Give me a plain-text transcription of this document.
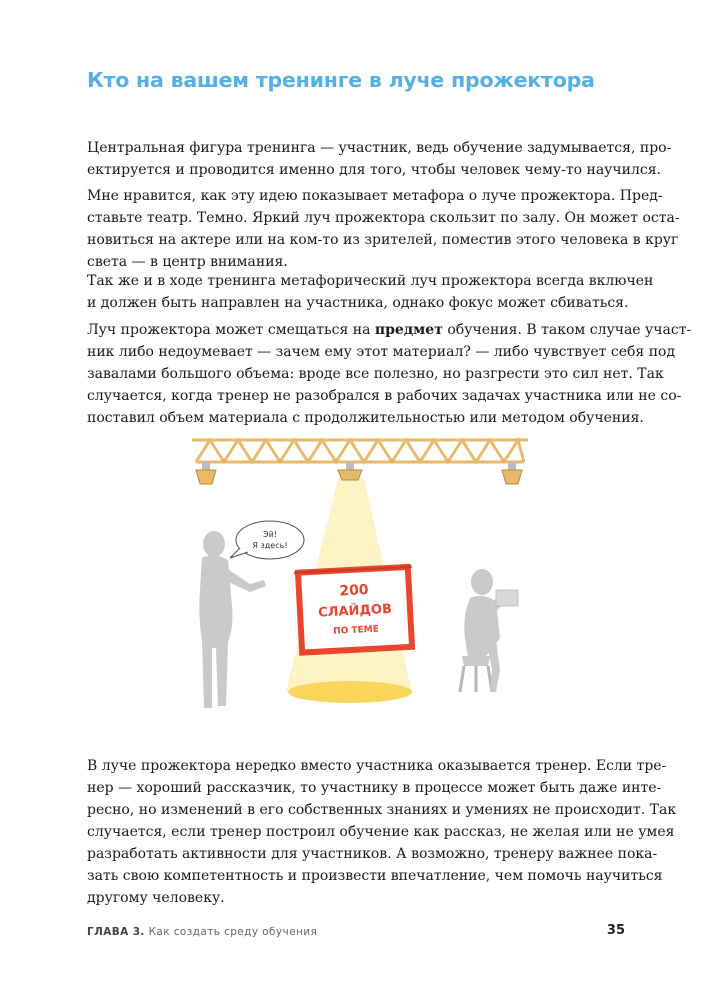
Кто на вашем тренинге в луче прожектора

Центральная фигура тренинга — участник, ведь обучение задумывается, про-
ектируется и проводится именно для того, чтобы человек чему-то научился.

Мне нравится, как эту идею показывает метафора о луче прожектора. Пред-
ставьте театр. Темно. Яркий луч прожектора скользит по залу. Он может оста-
новиться на актере или на ком-то из зрителей, поместив этого человека в круг
света — в центр внимания.

Так же и в ходе тренинга метафорический луч прожектора всегда включен
и должен быть направлен на участника, однако фокус может сбиваться.

Луч прожектора может смещаться на предмет обучения. В таком случае участ-
ник либо недоумевает — зачем ему этот материал? — либо чувствует себя под
завалами большого объема: вроде все полезно, но разгрести это сил нет. Так
случается, когда тренер не разобрался в рабочих задачах участника или не со-
поставил объем материала с продолжительностью или методом обучения.

Эй!
Я здесь!
200
СЛАЙДОВ
ПО ТЕМЕ

В луче прожектора нередко вместо участника оказывается тренер. Если тре-
нер — хороший рассказчик, то участнику в процессе может быть даже инте-
ресно, но изменений в его собственных знаниях и умениях не происходит. Так
случается, если тренер построил обучение как рассказ, не желая или не умея
разработать активности для участников. А возможно, тренеру важнее пока-
зать свою компетентность и произвести впечатление, чем помочь научиться
другому человеку.

ГЛАВА 3. Как создать среду обучения	35
